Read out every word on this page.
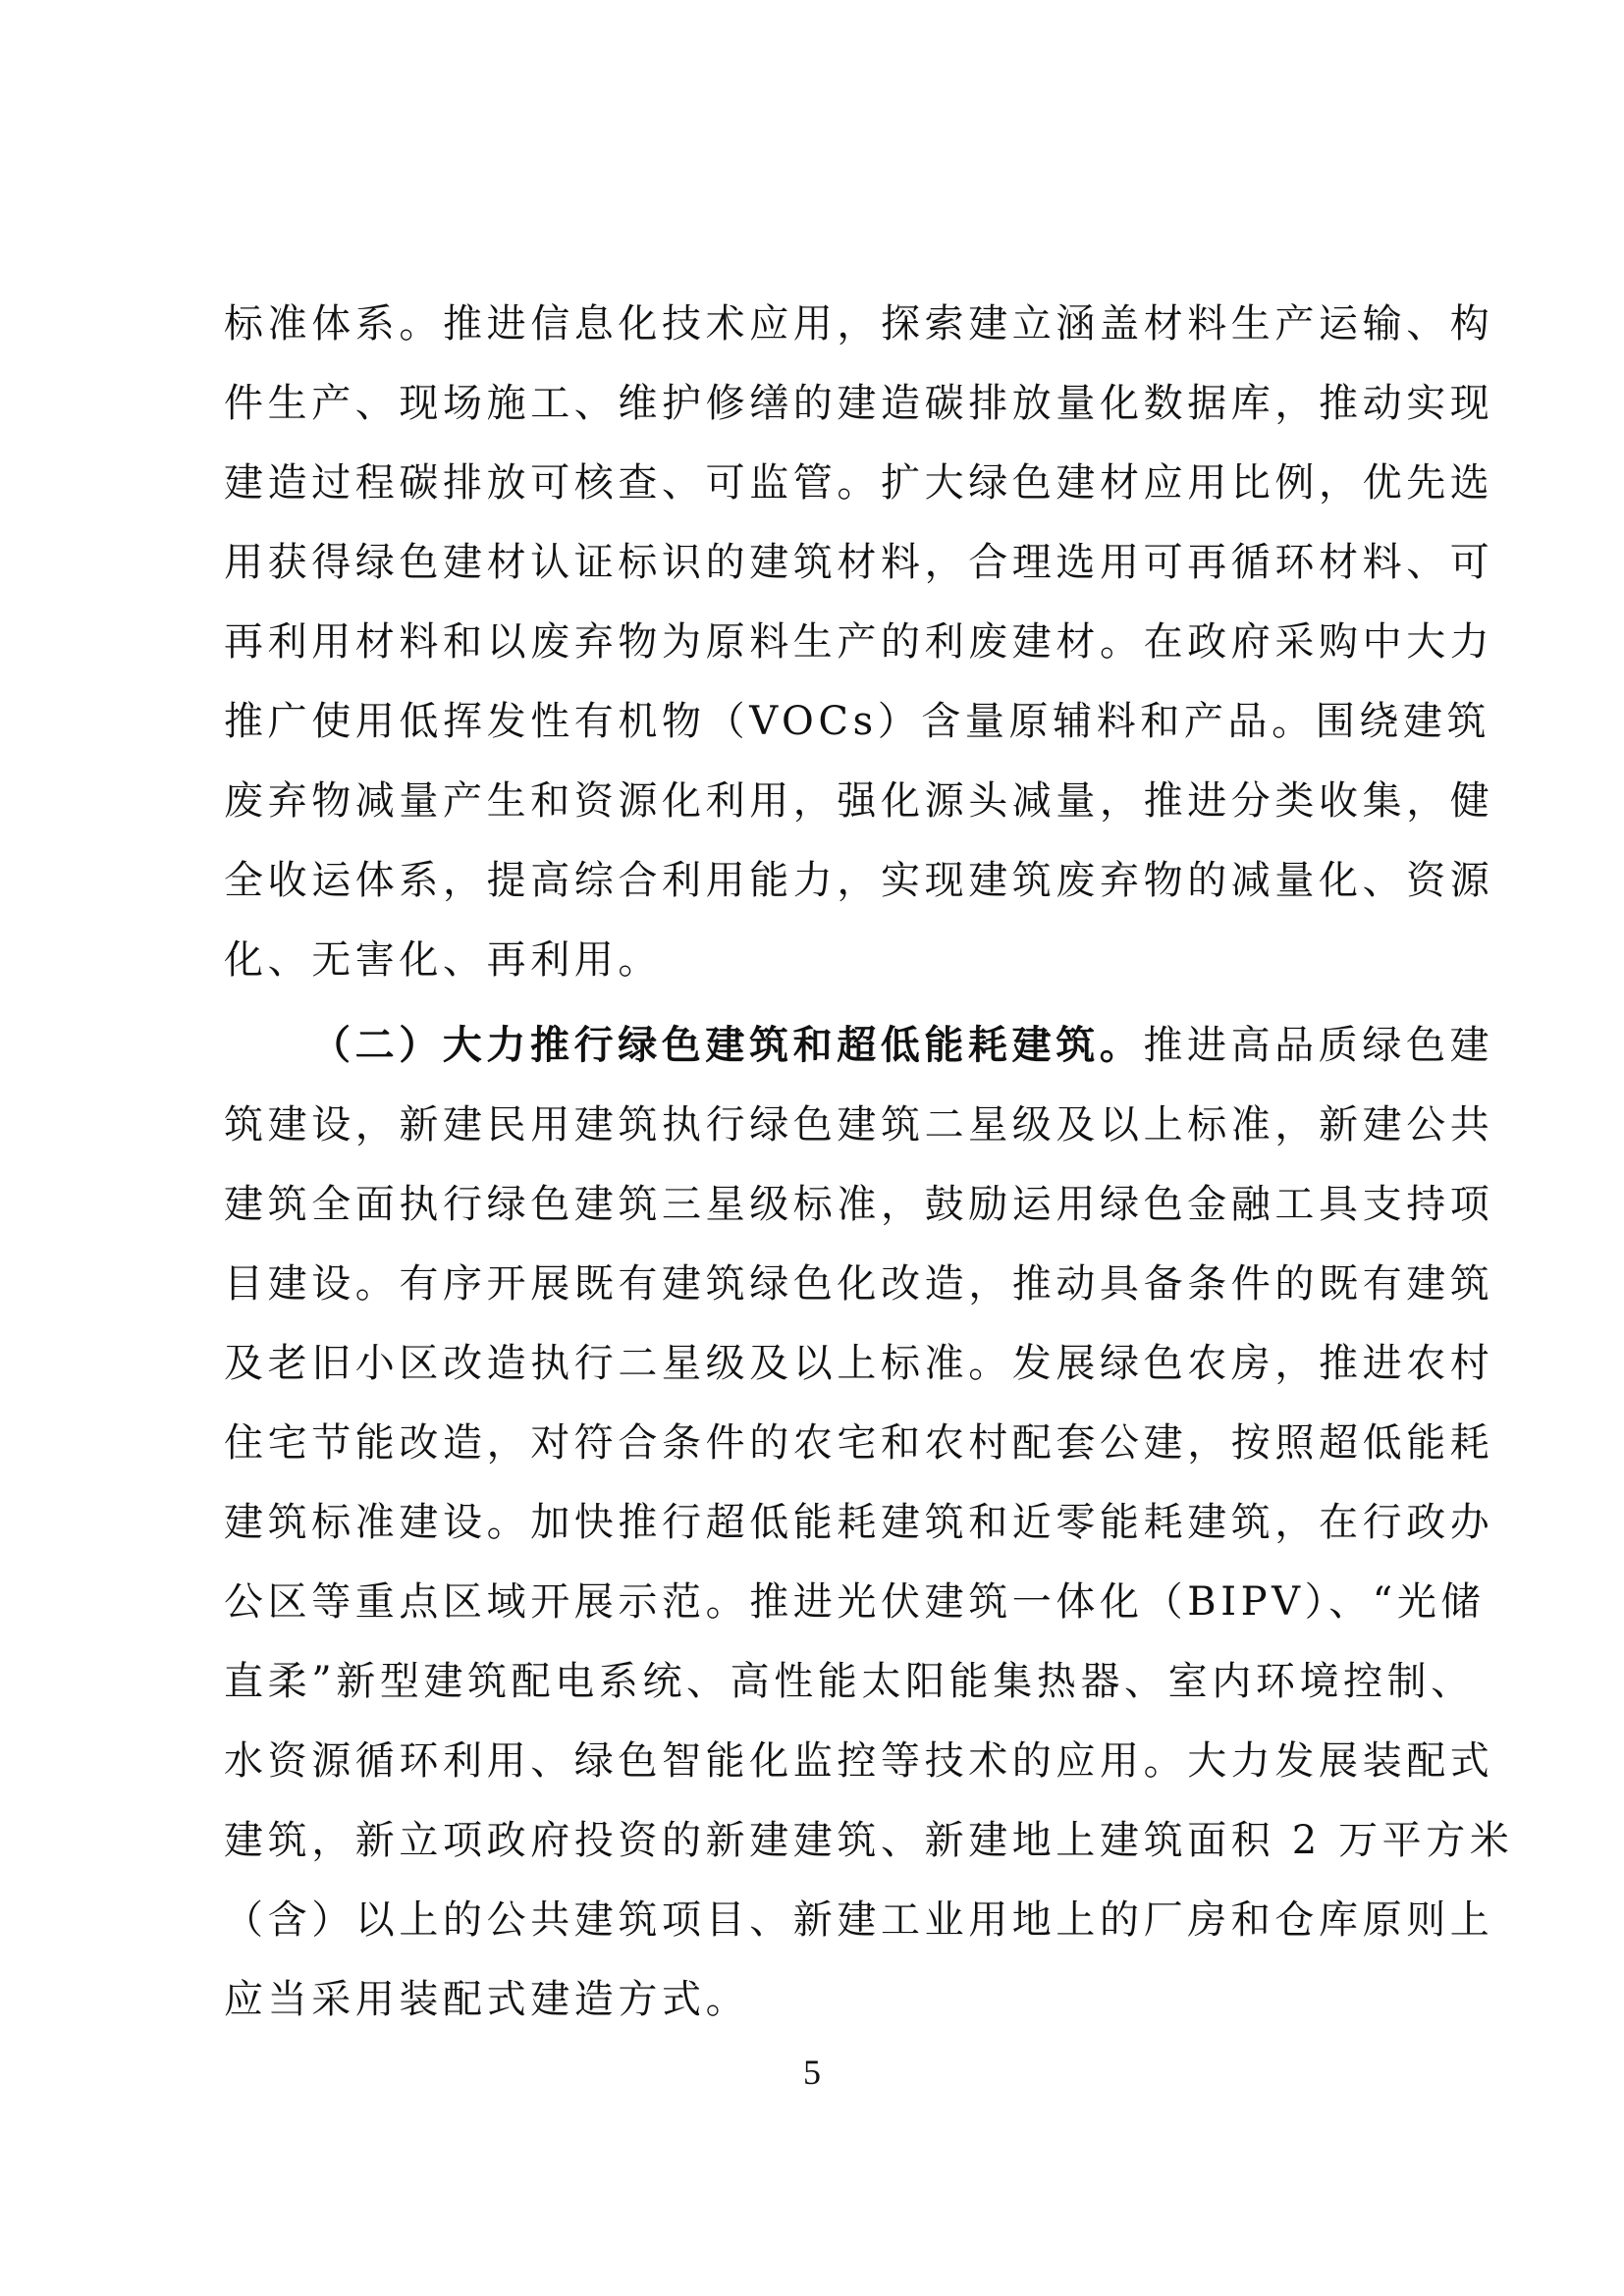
标准体系。推进信息化技术应用，探索建立涵盖材料生产运输、构
件生产、现场施工、维护修缮的建造碳排放量化数据库，推动实现
建造过程碳排放可核查、可监管。扩大绿色建材应用比例，优先选
用获得绿色建材认证标识的建筑材料，合理选用可再循环材料、可
再利用材料和以废弃物为原料生产的利废建材。在政府采购中大力
推广使用低挥发性有机物（VOCs）含量原辅料和产品。围绕建筑
废弃物减量产生和资源化利用，强化源头减量，推进分类收集，健
全收运体系，提高综合利用能力，实现建筑废弃物的减量化、资源
化、无害化、再利用。
（二）大力推行绿色建筑和超低能耗建筑。推进高品质绿色建
筑建设，新建民用建筑执行绿色建筑二星级及以上标准，新建公共
建筑全面执行绿色建筑三星级标准，鼓励运用绿色金融工具支持项
目建设。有序开展既有建筑绿色化改造，推动具备条件的既有建筑
及老旧小区改造执行二星级及以上标准。发展绿色农房，推进农村
住宅节能改造，对符合条件的农宅和农村配套公建，按照超低能耗
建筑标准建设。加快推行超低能耗建筑和近零能耗建筑，在行政办
公区等重点区域开展示范。推进光伏建筑一体化（BIPV）、“光储
直柔”新型建筑配电系统、高性能太阳能集热器、室内环境控制、
水资源循环利用、绿色智能化监控等技术的应用。大力发展装配式
建筑，新立项政府投资的新建建筑、新建地上建筑面积 2 万平方米
（含）以上的公共建筑项目、新建工业用地上的厂房和仓库原则上
应当采用装配式建造方式。
5
